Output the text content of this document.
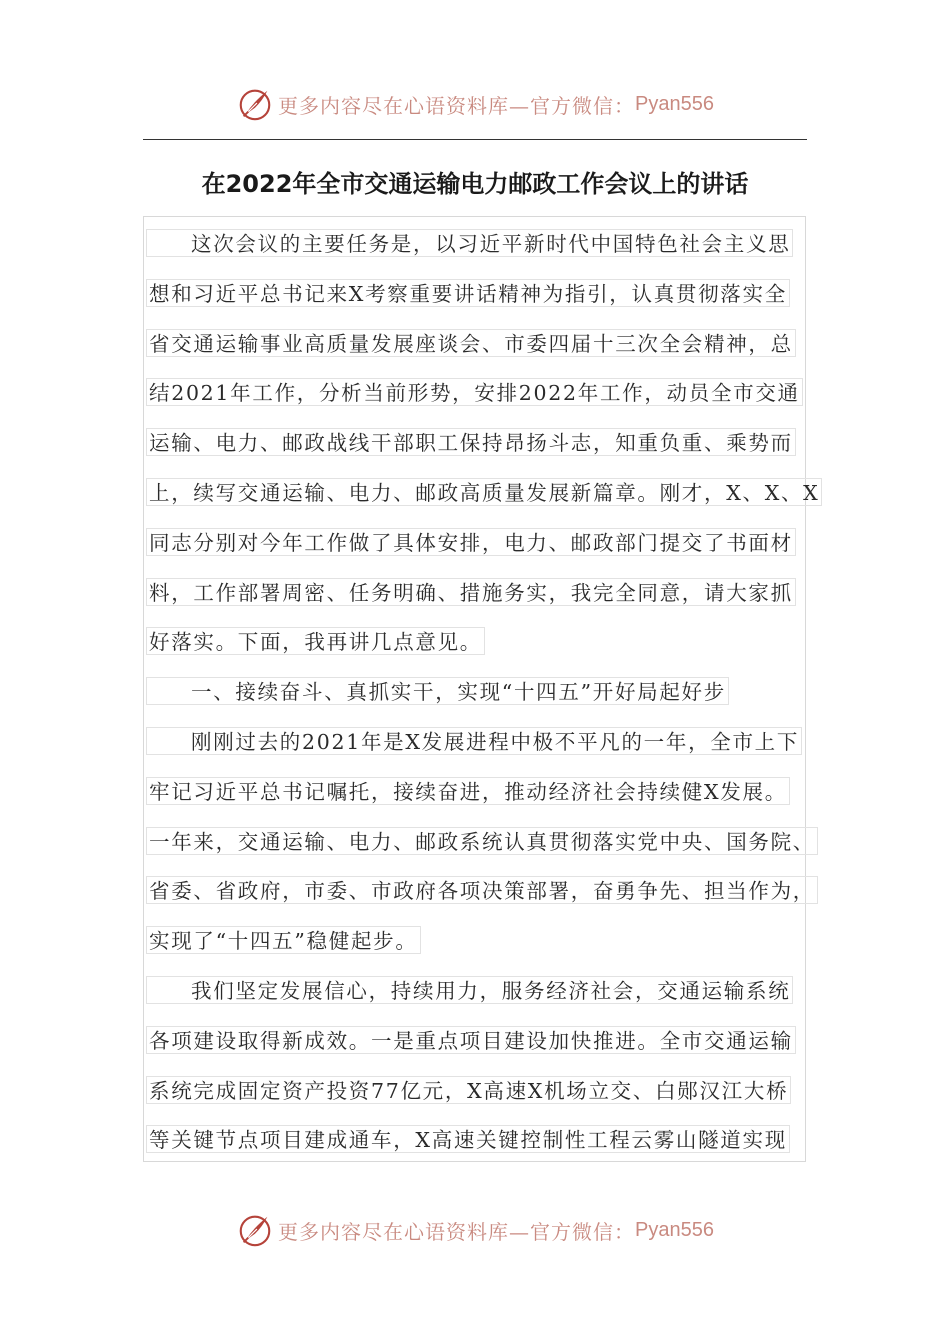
更多内容尽在心语资料库—官方微信： Pyan556
在2022年全市交通运输电力邮政工作会议上的讲话
这次会议的主要任务是，以习近平新时代中国特色社会主义思
想和习近平总书记来X考察重要讲话精神为指引，认真贯彻落实全
省交通运输事业高质量发展座谈会、市委四届十三次全会精神，总
结2021年工作，分析当前形势，安排2022年工作，动员全市交通
运输、电力、邮政战线干部职工保持昂扬斗志，知重负重、乘势而
上，续写交通运输、电力、邮政高质量发展新篇章。刚才，X、X、X
同志分别对今年工作做了具体安排，电力、邮政部门提交了书面材
料，工作部署周密、任务明确、措施务实，我完全同意，请大家抓
好落实。下面，我再讲几点意见。
一、接续奋斗、真抓实干，实现“十四五”开好局起好步
刚刚过去的2021年是X发展进程中极不平凡的一年，全市上下
牢记习近平总书记嘱托，接续奋进，推动经济社会持续健X发展。
一年来，交通运输、电力、邮政系统认真贯彻落实党中央、国务院、
省委、省政府，市委、市政府各项决策部署，奋勇争先、担当作为，
实现了“十四五”稳健起步。
我们坚定发展信心，持续用力，服务经济社会，交通运输系统
各项建设取得新成效。一是重点项目建设加快推进。全市交通运输
系统完成固定资产投资77亿元，X高速X机场立交、白郧汉江大桥
等关键节点项目建成通车，X高速关键控制性工程云雾山隧道实现
更多内容尽在心语资料库—官方微信： Pyan556
